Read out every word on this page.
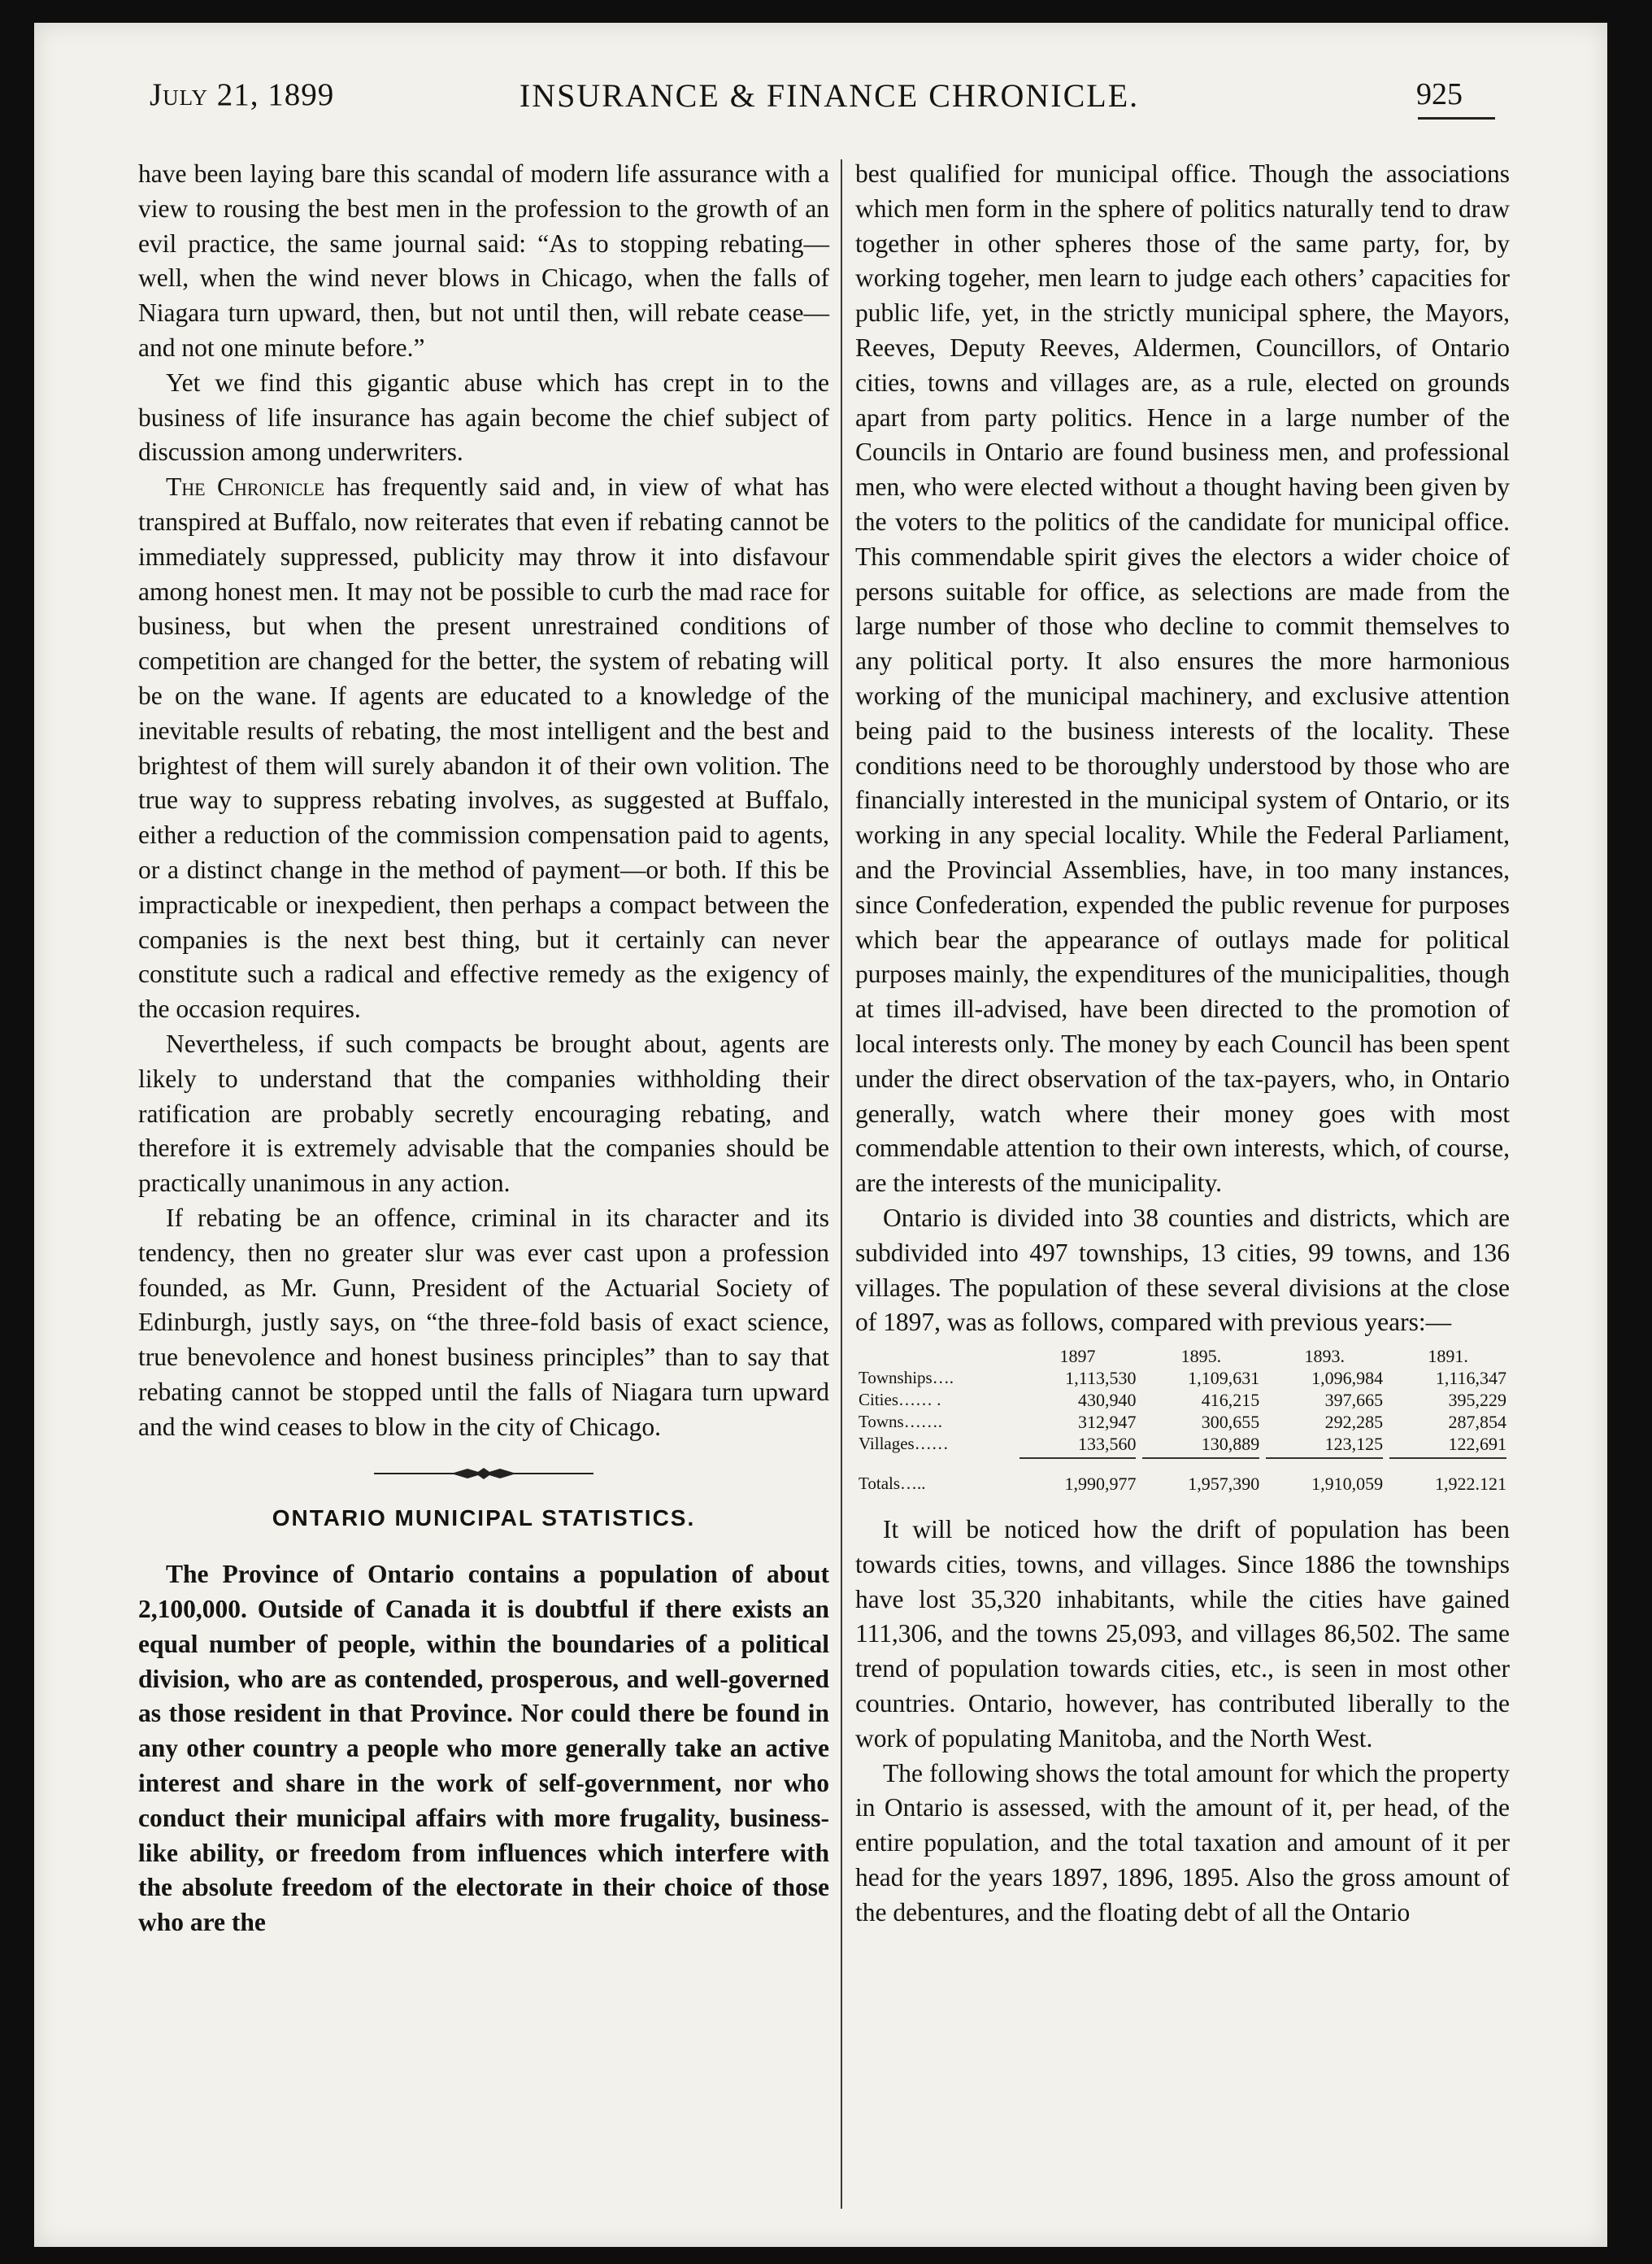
July 21, 1899	INSURANCE & FINANCE CHRONICLE.	925

have been laying bare this scandal of modern life assurance with a view to rousing the best men in the profession to the growth of an evil practice, the same journal said: “As to stopping rebating—well, when the wind never blows in Chicago, when the falls of Niagara turn upward, then, but not until then, will rebate cease—and not one minute before.”

Yet we find this gigantic abuse which has crept in to the business of life insurance has again become the chief subject of discussion among underwriters.

The Chronicle has frequently said and, in view of what has transpired at Buffalo, now reiterates that even if rebating cannot be immediately suppressed, publicity may throw it into disfavour among honest men. It may not be possible to curb the mad race for business, but when the present unrestrained conditions of competition are changed for the better, the system of rebating will be on the wane. If agents are educated to a knowledge of the inevitable results of rebating, the most intelligent and the best and brightest of them will surely abandon it of their own volition. The true way to suppress rebating involves, as suggested at Buffalo, either a reduction of the commission compensation paid to agents, or a distinct change in the method of payment—or both. If this be impracticable or inexpedient, then perhaps a compact between the companies is the next best thing, but it certainly can never constitute such a radical and effective remedy as the exigency of the occasion requires.

Nevertheless, if such compacts be brought about, agents are likely to understand that the companies withholding their ratification are probably secretly encouraging rebating, and therefore it is extremely advisable that the companies should be practically unanimous in any action.

If rebating be an offence, criminal in its character and its tendency, then no greater slur was ever cast upon a profession founded, as Mr. Gunn, President of the Actuarial Society of Edinburgh, justly says, on “the three-fold basis of exact science, true benevolence and honest business principles” than to say that rebating cannot be stopped until the falls of Niagara turn upward and the wind ceases to blow in the city of Chicago.

ONTARIO MUNICIPAL STATISTICS.

The Province of Ontario contains a population of about 2,100,000. Outside of Canada it is doubtful if there exists an equal number of people, within the boundaries of a political division, who are as contended, prosperous, and well-governed as those resident in that Province. Nor could there be found in any other country a people who more generally take an active interest and share in the work of self-government, nor who conduct their municipal affairs with more frugality, business-like ability, or freedom from influences which interfere with the absolute freedom of the electorate in their choice of those who are the

best qualified for municipal office. Though the associations which men form in the sphere of politics naturally tend to draw together in other spheres those of the same party, for, by working togeher, men learn to judge each others’ capacities for public life, yet, in the strictly municipal sphere, the Mayors, Reeves, Deputy Reeves, Aldermen, Councillors, of Ontario cities, towns and villages are, as a rule, elected on grounds apart from party politics. Hence in a large number of the Councils in Ontario are found business men, and professional men, who were elected without a thought having been given by the voters to the politics of the candidate for municipal office. This commendable spirit gives the electors a wider choice of persons suitable for office, as selections are made from the large number of those who decline to commit themselves to any political porty. It also ensures the more harmonious working of the municipal machinery, and exclusive attention being paid to the business interests of the locality. These conditions need to be thoroughly understood by those who are financially interested in the municipal system of Ontario, or its working in any special locality. While the Federal Parliament, and the Provincial Assemblies, have, in too many instances, since Confederation, expended the public revenue for purposes which bear the appearance of outlays made for political purposes mainly, the expenditures of the municipalities, though at times ill-advised, have been directed to the promotion of local interests only. The money by each Council has been spent under the direct observation of the tax-payers, who, in Ontario generally, watch where their money goes with most commendable attention to their own interests, which, of course, are the interests of the municipality.

Ontario is divided into 38 counties and districts, which are subdivided into 497 townships, 13 cities, 99 towns, and 136 villages. The population of these several divisions at the close of 1897, was as follows, compared with previous years:—

	1897	1895.	1893.	1891.
Townships….	1,113,530	1,109,631	1,096,984	1,116,347
Cities…… .	430,940	416,215	397,665	395,229
Towns…….	312,947	300,655	292,285	287,854
Villages……	133,560	130,889	123,125	122,691

Totals…..	1,990,977	1,957,390	1,910,059	1,922.121

It will be noticed how the drift of population has been towards cities, towns, and villages. Since 1886 the townships have lost 35,320 inhabitants, while the cities have gained 111,306, and the towns 25,093, and villages 86,502. The same trend of population towards cities, etc., is seen in most other countries. Ontario, however, has contributed liberally to the work of populating Manitoba, and the North West.

The following shows the total amount for which the property in Ontario is assessed, with the amount of it, per head, of the entire population, and the total taxation and amount of it per head for the years 1897, 1896, 1895. Also the gross amount of the debentures, and the floating debt of all the Ontario
